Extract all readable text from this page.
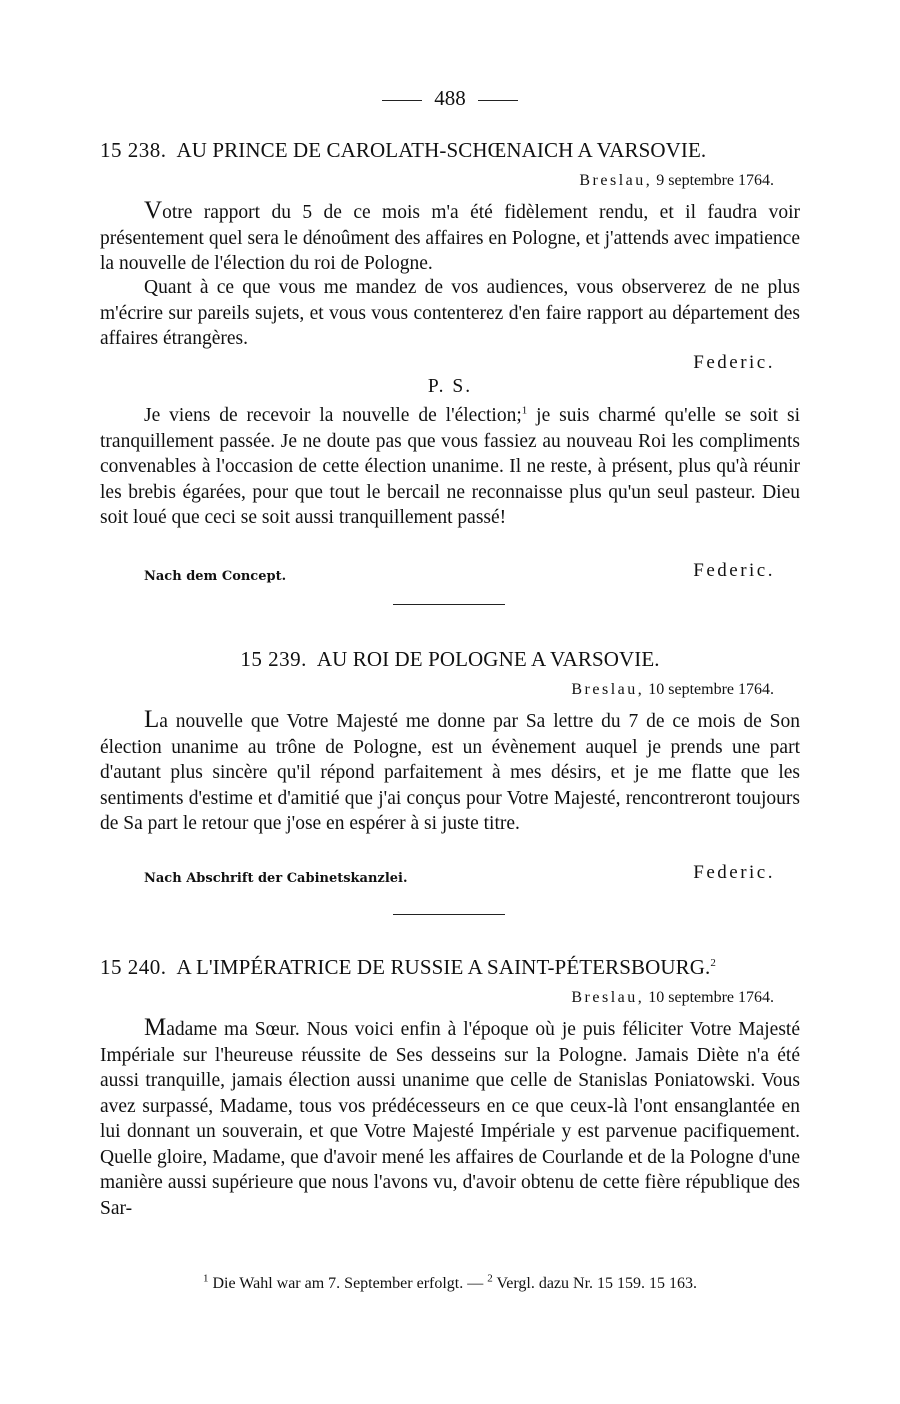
488
15 238. AU PRINCE DE CAROLATH-SCHŒNAICH A VARSOVIE.
Breslau, 9 septembre 1764.

Votre rapport du 5 de ce mois m'a été fidèlement rendu, et il faudra voir présentement quel sera le dénoûment des affaires en Pologne, et j'attends avec impatience la nouvelle de l'élection du roi de Pologne.

Quant à ce que vous me mandez de vos audiences, vous observerez de ne plus m'écrire sur pareils sujets, et vous vous contenterez d'en faire rapport au département des affaires étrangères.

Federic.
P. S.

Je viens de recevoir la nouvelle de l'élection;$^1$ je suis charmé qu'elle se soit si tranquillement passée. Je ne doute pas que vous fassiez au nouveau Roi les compliments convenables à l'occasion de cette élection unanime. Il ne reste, à présent, plus qu'à réunir les brebis égarées, pour que tout le bercail ne reconnaisse plus qu'un seul pasteur. Dieu soit loué que ceci se soit aussi tranquillement passé!

Nach dem Concept.	Federic.
15 239. AU ROI DE POLOGNE A VARSOVIE.
Breslau, 10 septembre 1764.

La nouvelle que Votre Majesté me donne par Sa lettre du 7 de ce mois de Son élection unanime au trône de Pologne, est un évènement auquel je prends une part d'autant plus sincère qu'il répond parfaitement à mes désirs, et je me flatte que les sentiments d'estime et d'amitié que j'ai conçus pour Votre Majesté, rencontreront toujours de Sa part le retour que j'ose en espérer à si juste titre.

Nach Abschrift der Cabinetskanzlei.	Federic.
15 240. A L'IMPÉRATRICE DE RUSSIE A SAINT-PÉTERSBOURG.$^2$
Breslau, 10 septembre 1764.

Madame ma Sœur. Nous voici enfin à l'époque où je puis féliciter Votre Majesté Impériale sur l'heureuse réussite de Ses desseins sur la Pologne. Jamais Diète n'a été aussi tranquille, jamais élection aussi unanime que celle de Stanislas Poniatowski. Vous avez surpassé, Madame, tous vos prédécesseurs en ce que ceux-là l'ont ensanglantée en lui donnant un souverain, et que Votre Majesté Impériale y est parvenue pacifiquement. Quelle gloire, Madame, que d'avoir mené les affaires de Courlande et de la Pologne d'une manière aussi supérieure que nous l'avons vu, d'avoir obtenu de cette fière république des Sar-

$^1$ Die Wahl war am 7. September erfolgt. — $^2$ Vergl. dazu Nr. 15 159. 15 163.
